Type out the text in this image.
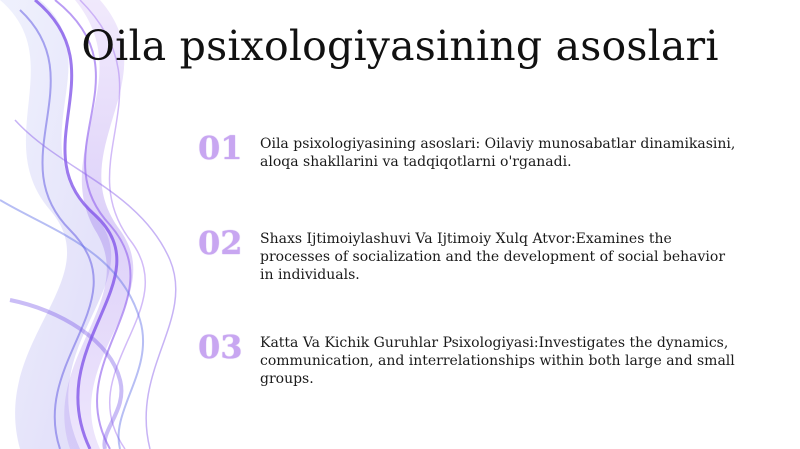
Oila psixologiyasining asoslari
01	Oila psixologiyasining asoslari: Oilaviy munosabatlar dinamikasini, aloqa shakllarini va tadqiqotlarni o'rganadi.
02	Shaxs Ijtimoiylashuvi Va Ijtimoiy Xulq Atvor:Examines the processes of socialization and the development of social behavior in individuals.
03	Katta Va Kichik Guruhlar Psixologiyasi:Investigates the dynamics, communication, and interrelationships within both large and small groups.
